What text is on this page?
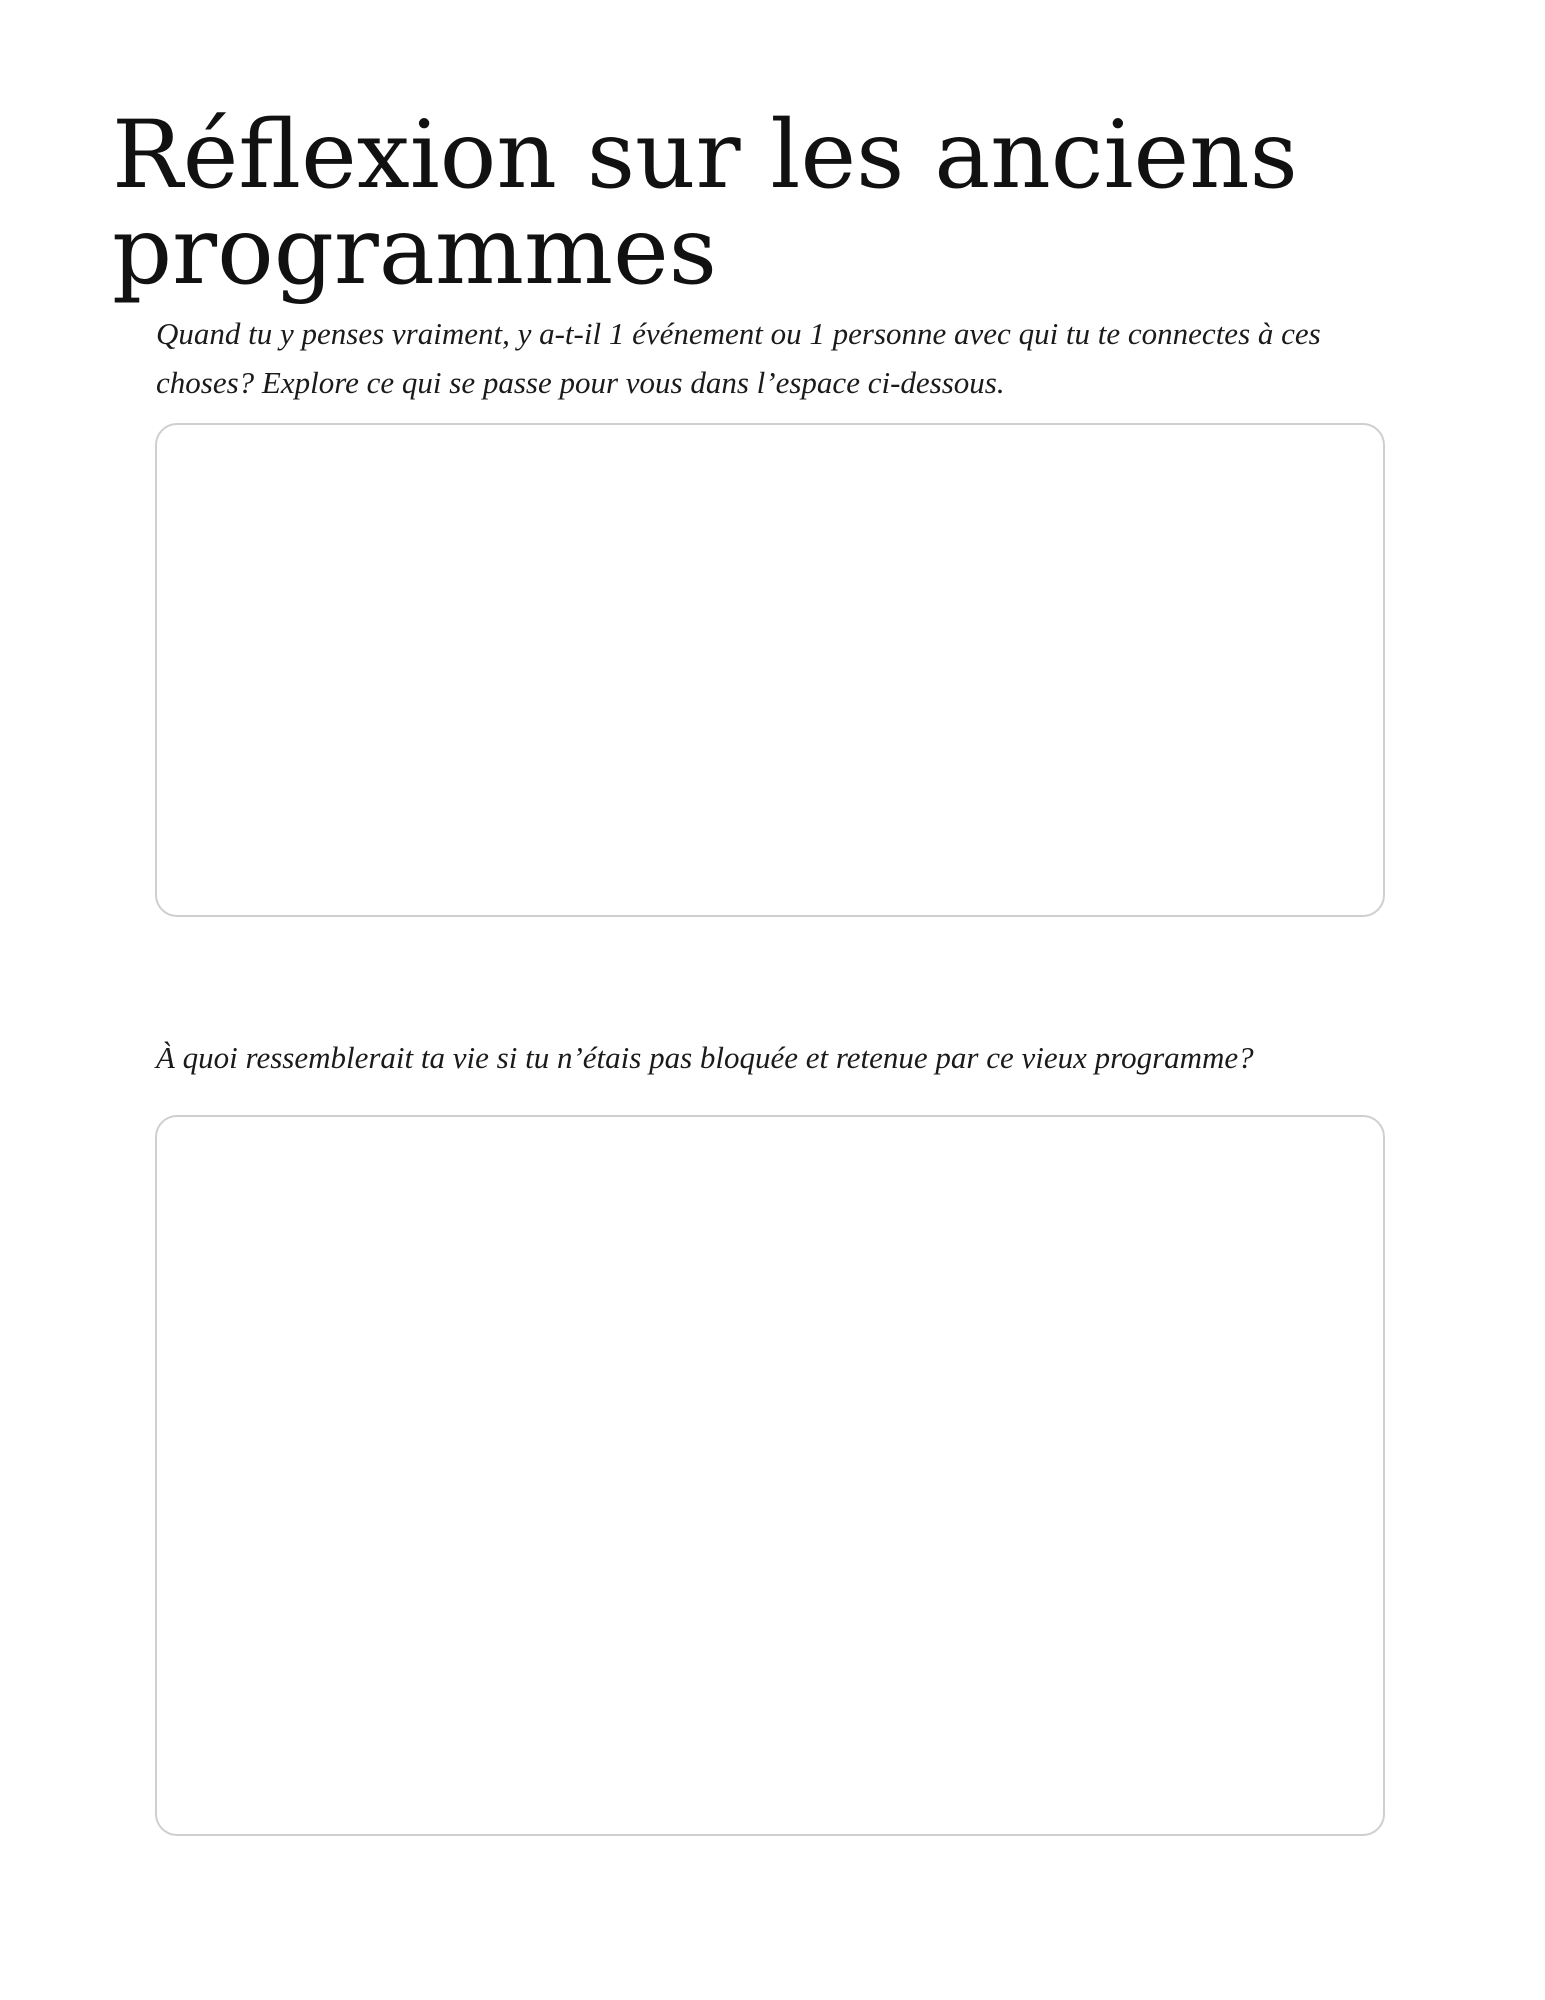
Réflexion sur les anciens programmes

Quand tu y penses vraiment, y a-t-il 1 événement ou 1 personne avec qui tu te connectes à ces choses? Explore ce qui se passe pour vous dans l’espace ci-dessous.

À quoi ressemblerait ta vie si tu n’étais pas bloquée et retenue par ce vieux programme?
